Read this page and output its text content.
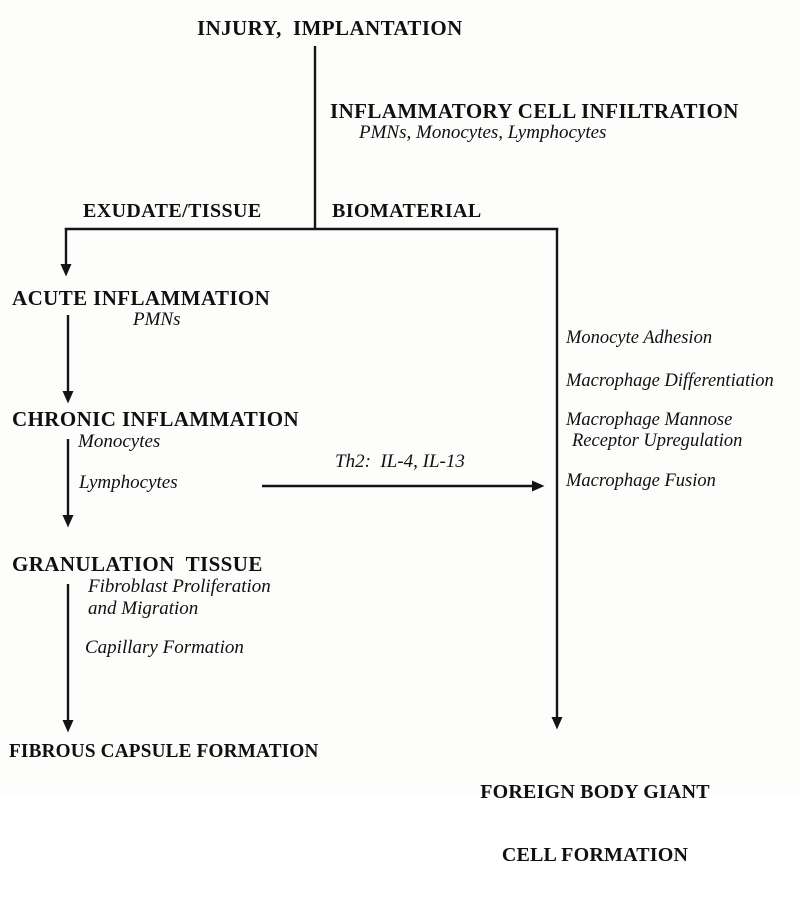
INJURY,  IMPLANTATION
INFLAMMATORY CELL INFILTRATION
PMNs, Monocytes, Lymphocytes
EXUDATE/TISSUE	BIOMATERIAL
ACUTE INFLAMMATION
PMNs
CHRONIC INFLAMMATION
Monocytes
Lymphocytes
Th2:  IL-4, IL-13
GRANULATION  TISSUE
Fibroblast Proliferation
and Migration
Capillary Formation
FIBROUS CAPSULE FORMATION
Monocyte Adhesion
Macrophage Differentiation
Macrophage Mannose
Receptor Upregulation
Macrophage Fusion

FOREIGN BODY GIANT

CELL FORMATION
